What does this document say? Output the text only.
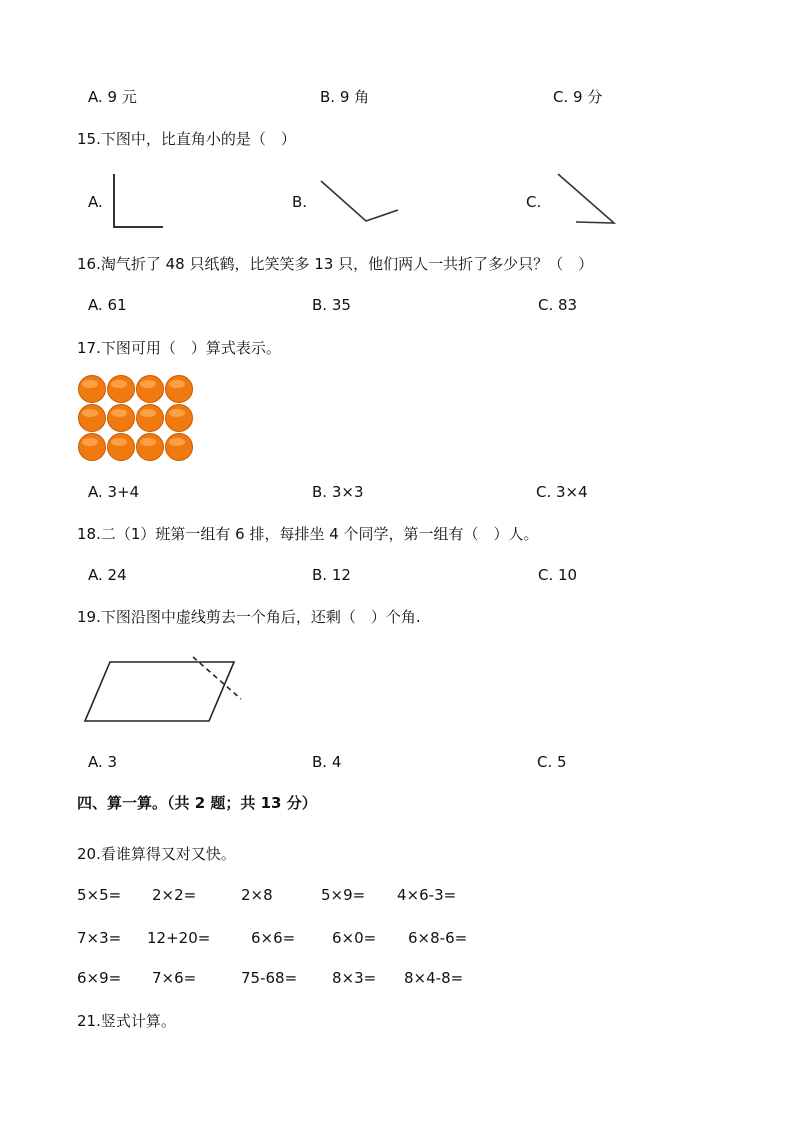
A. 9 元	B. 9 角	C. 9 分
15.下图中，比直角小的是（　）
A.	B.	C.
16.淘气折了 48 只纸鹤，比笑笑多 13 只，他们两人一共折了多少只？（　）
A. 61	B. 35	C. 83
17.下图可用（　）算式表示。
A. 3+4	B. 3×3	C. 3×4
18.二（1）班第一组有 6 排，每排坐 4 个同学，第一组有（　）人。
A. 24	B. 12	C. 10
19.下图沿图中虚线剪去一个角后，还剩（　）个角.
A. 3	B. 4	C. 5
四、算一算。（共 2 题；共 13 分）
20.看谁算得又对又快。
5×5= 2×2=	2×8	5×9= 4×6-3=
7×3= 12+20=	6×6= 6×0= 6×8-6=
6×9= 7×6=	75-68= 8×3= 8×4-8=
21.竖式计算。
